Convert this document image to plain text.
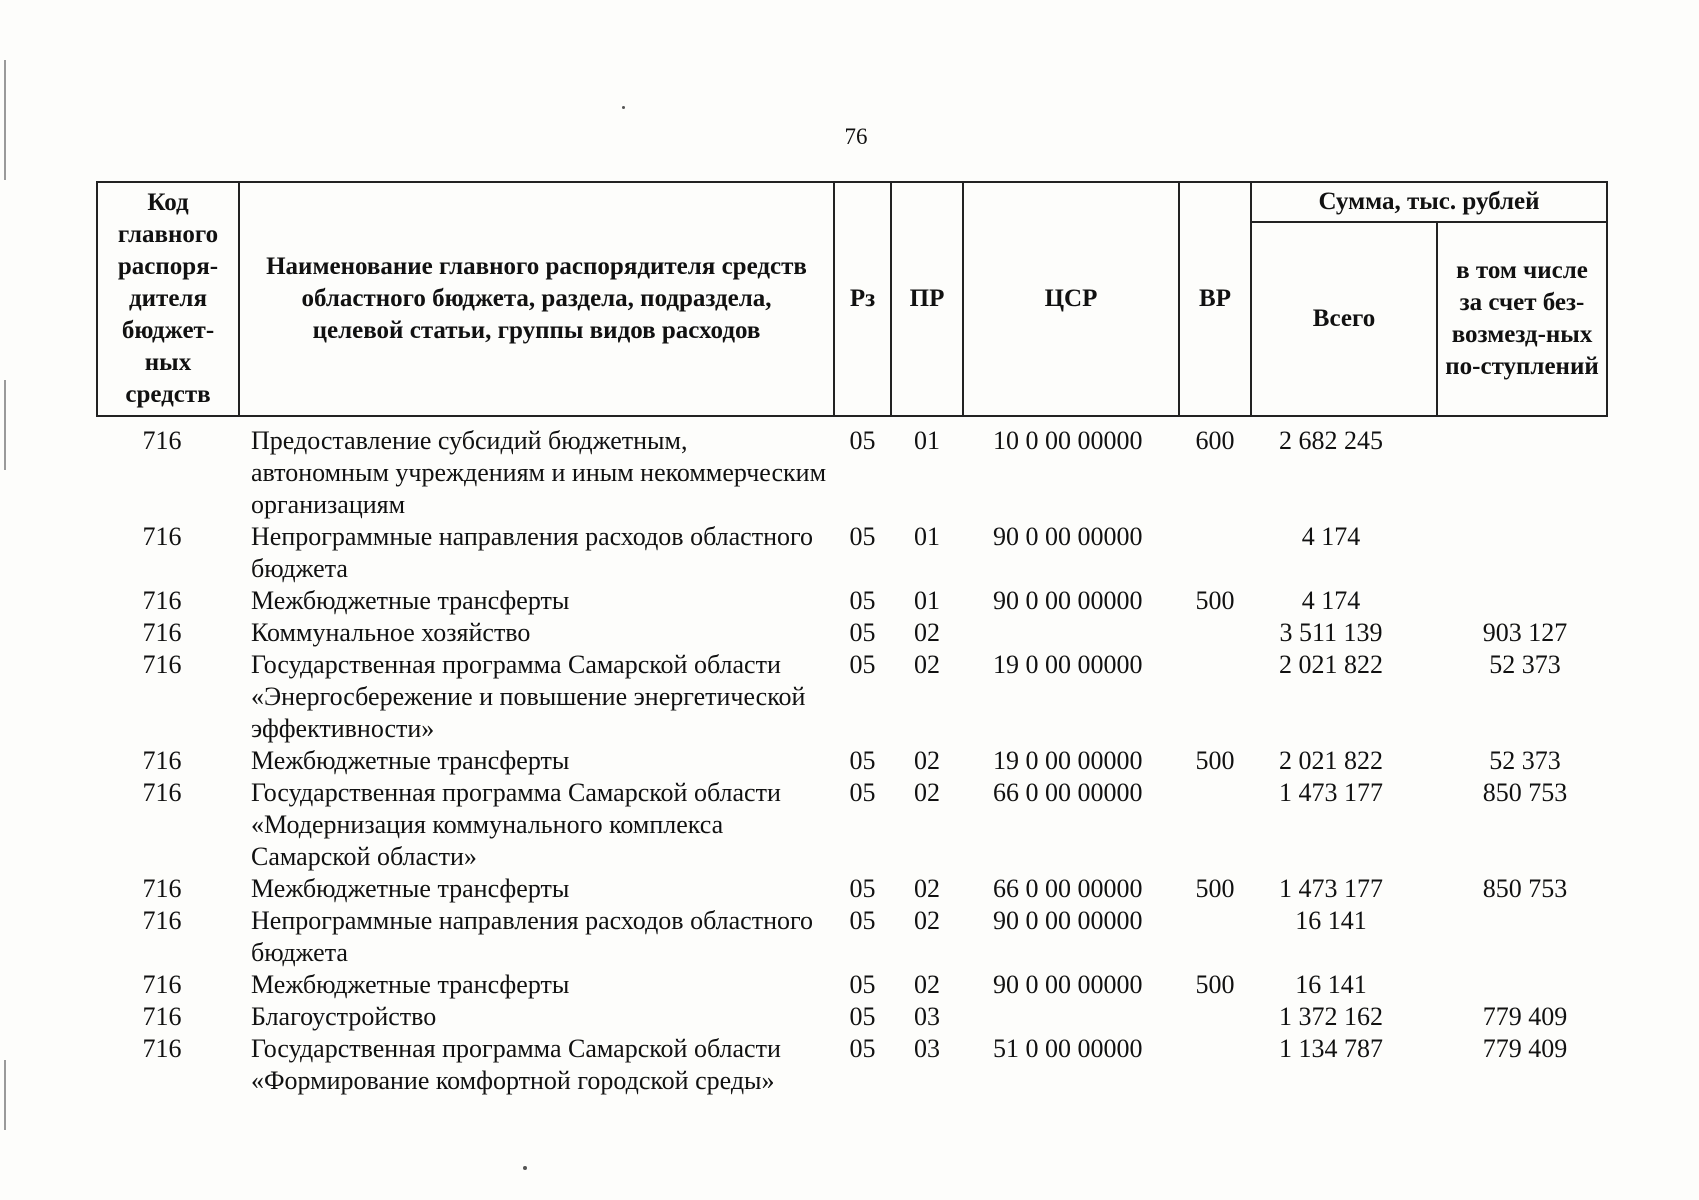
76
Код главного распоря-дителя бюджет-ных средств	Наименование главного распорядителя средств областного бюджета, раздела, подраздела, целевой статьи, группы видов расходов	Рз	ПР	ЦСР	ВР	Сумма, тыс. рублей	
						Всего	в том числе за счет без-возмезд-ных по-ступлений
716	Предоставление субсидий бюджетным, автономным учреждениям и иным некоммерческим организациям	05	01	10 0 00 00000	600	2 682 245	
716	Непрограммные направления расходов областного бюджета	05	01	90 0 00 00000		4 174	
716	Межбюджетные трансферты	05	01	90 0 00 00000	500	4 174	
716	Коммунальное хозяйство	05	02			3 511 139	903 127
716	Государственная программа Самарской области «Энергосбережение и повышение энергетической эффективности»	05	02	19 0 00 00000		2 021 822	52 373
716	Межбюджетные трансферты	05	02	19 0 00 00000	500	2 021 822	52 373
716	Государственная программа Самарской области «Модернизация коммунального комплекса Самарской области»	05	02	66 0 00 00000		1 473 177	850 753
716	Межбюджетные трансферты	05	02	66 0 00 00000	500	1 473 177	850 753
716	Непрограммные направления расходов областного бюджета	05	02	90 0 00 00000		16 141	
716	Межбюджетные трансферты	05	02	90 0 00 00000	500	16 141	
716	Благоустройство	05	03			1 372 162	779 409
716	Государственная программа Самарской области «Формирование комфортной городской среды»	05	03	51 0 00 00000		1 134 787	779 409
